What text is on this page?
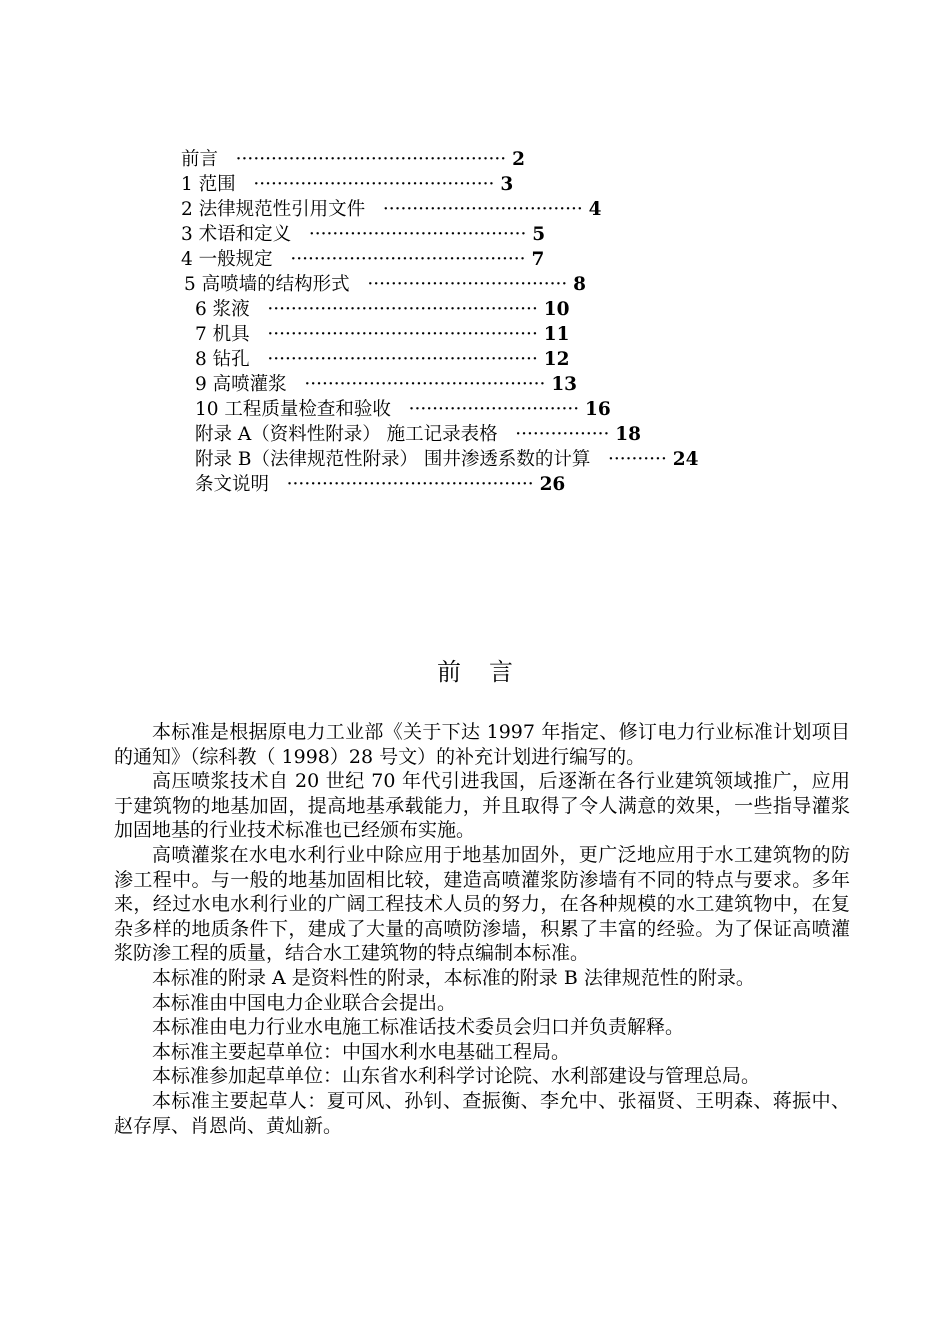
前言 ·············································· 2
1 范围 ········································· 3
2 法律规范性引用文件 ·································· 4
3 术语和定义 ····································· 5
4 一般规定 ········································ 7
5 高喷墙的结构形式 ·································· 8
6 浆液 ·············································· 10
7 机具 ·············································· 11
8 钻孔 ·············································· 12
9 高喷灌浆 ········································· 13
10 工程质量检查和验收 ····························· 16
附录 A（资料性附录） 施工记录表格 ················ 18
附录 B（法律规范性附录） 围井渗透系数的计算 ·········· 24
条文说明 ·········································· 26
前言

本标准是根据原电力工业部《关于下达 1997 年指定、修订电力行业标准计划项目的通知》（综科教（ 1998）28 号文）的补充计划进行编写的。

高压喷浆技术自 20 世纪 70 年代引进我国，后逐渐在各行业建筑领域推广，应用于建筑物的地基加固，提高地基承载能力，并且取得了令人满意的效果，一些指导灌浆加固地基的行业技术标准也已经颁布实施。

高喷灌浆在水电水利行业中除应用于地基加固外，更广泛地应用于水工建筑物的防渗工程中。与一般的地基加固相比较，建造高喷灌浆防渗墙有不同的特点与要求。多年来，经过水电水利行业的广阔工程技术人员的努力，在各种规模的水工建筑物中，在复杂多样的地质条件下，建成了大量的高喷防渗墙，积累了丰富的经验。为了保证高喷灌浆防渗工程的质量，结合水工建筑物的特点编制本标准。

本标准的附录 A 是资料性的附录，本标准的附录 B 法律规范性的附录。

本标准由中国电力企业联合会提出。

本标准由电力行业水电施工标准话技术委员会归口并负责解释。

本标准主要起草单位：中国水利水电基础工程局。

本标准参加起草单位：山东省水利科学讨论院、水利部建设与管理总局。

本标准主要起草人：夏可风、孙钊、查振衡、李允中、张福贤、王明森、蒋振中、赵存厚、肖恩尚、黄灿新。
